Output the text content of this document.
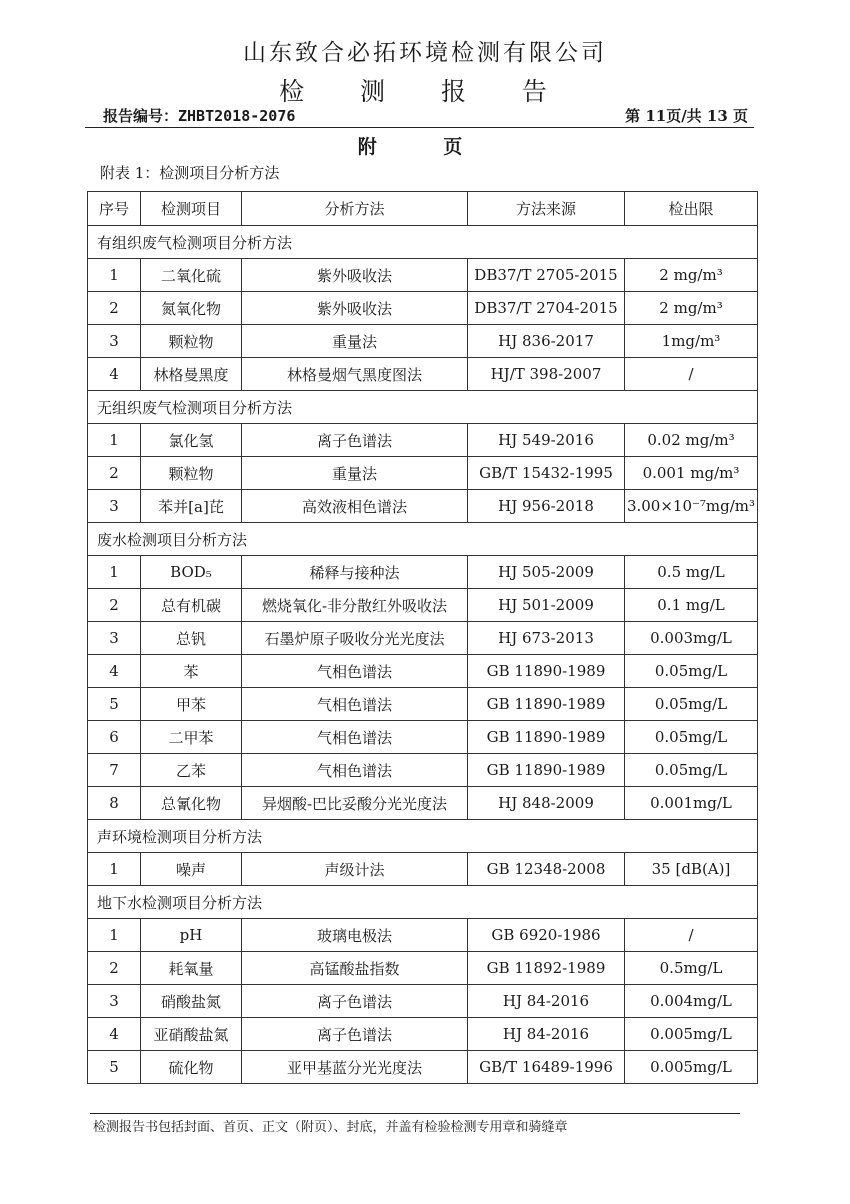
山东致合必拓环境检测有限公司
检 测 报 告
报告编号：ZHBT2018-2076	第 11页/共 13 页
附 页
附表 1：检测项目分析方法
序号	检测项目	分析方法	方法来源	检出限
有组织废气检测项目分析方法				
1	二氧化硫	紫外吸收法	DB37/T 2705-2015	2 mg/m³
2	氮氧化物	紫外吸收法	DB37/T 2704-2015	2 mg/m³
3	颗粒物	重量法	HJ 836-2017	1mg/m³
4	林格曼黑度	林格曼烟气黑度图法	HJ/T 398-2007	/
无组织废气检测项目分析方法				
1	氯化氢	离子色谱法	HJ 549-2016	0.02 mg/m³
2	颗粒物	重量法	GB/T 15432-1995	0.001 mg/m³
3	苯并[a]芘	高效液相色谱法	HJ 956-2018	3.00×10⁻⁷mg/m³
废水检测项目分析方法				
1	BOD₅	稀释与接种法	HJ 505-2009	0.5 mg/L
2	总有机碳	燃烧氧化-非分散红外吸收法	HJ 501-2009	0.1 mg/L
3	总钒	石墨炉原子吸收分光光度法	HJ 673-2013	0.003mg/L
4	苯	气相色谱法	GB 11890-1989	0.05mg/L
5	甲苯	气相色谱法	GB 11890-1989	0.05mg/L
6	二甲苯	气相色谱法	GB 11890-1989	0.05mg/L
7	乙苯	气相色谱法	GB 11890-1989	0.05mg/L
8	总氰化物	异烟酸-巴比妥酸分光光度法	HJ 848-2009	0.001mg/L
声环境检测项目分析方法				
1	噪声	声级计法	GB 12348-2008	35 [dB(A)]
地下水检测项目分析方法				
1	pH	玻璃电极法	GB 6920-1986	/
2	耗氧量	高锰酸盐指数	GB 11892-1989	0.5mg/L
3	硝酸盐氮	离子色谱法	HJ 84-2016	0.004mg/L
4	亚硝酸盐氮	离子色谱法	HJ 84-2016	0.005mg/L
5	硫化物	亚甲基蓝分光光度法	GB/T 16489-1996	0.005mg/L
检测报告书包括封面、首页、正文（附页）、封底，并盖有检验检测专用章和骑缝章
